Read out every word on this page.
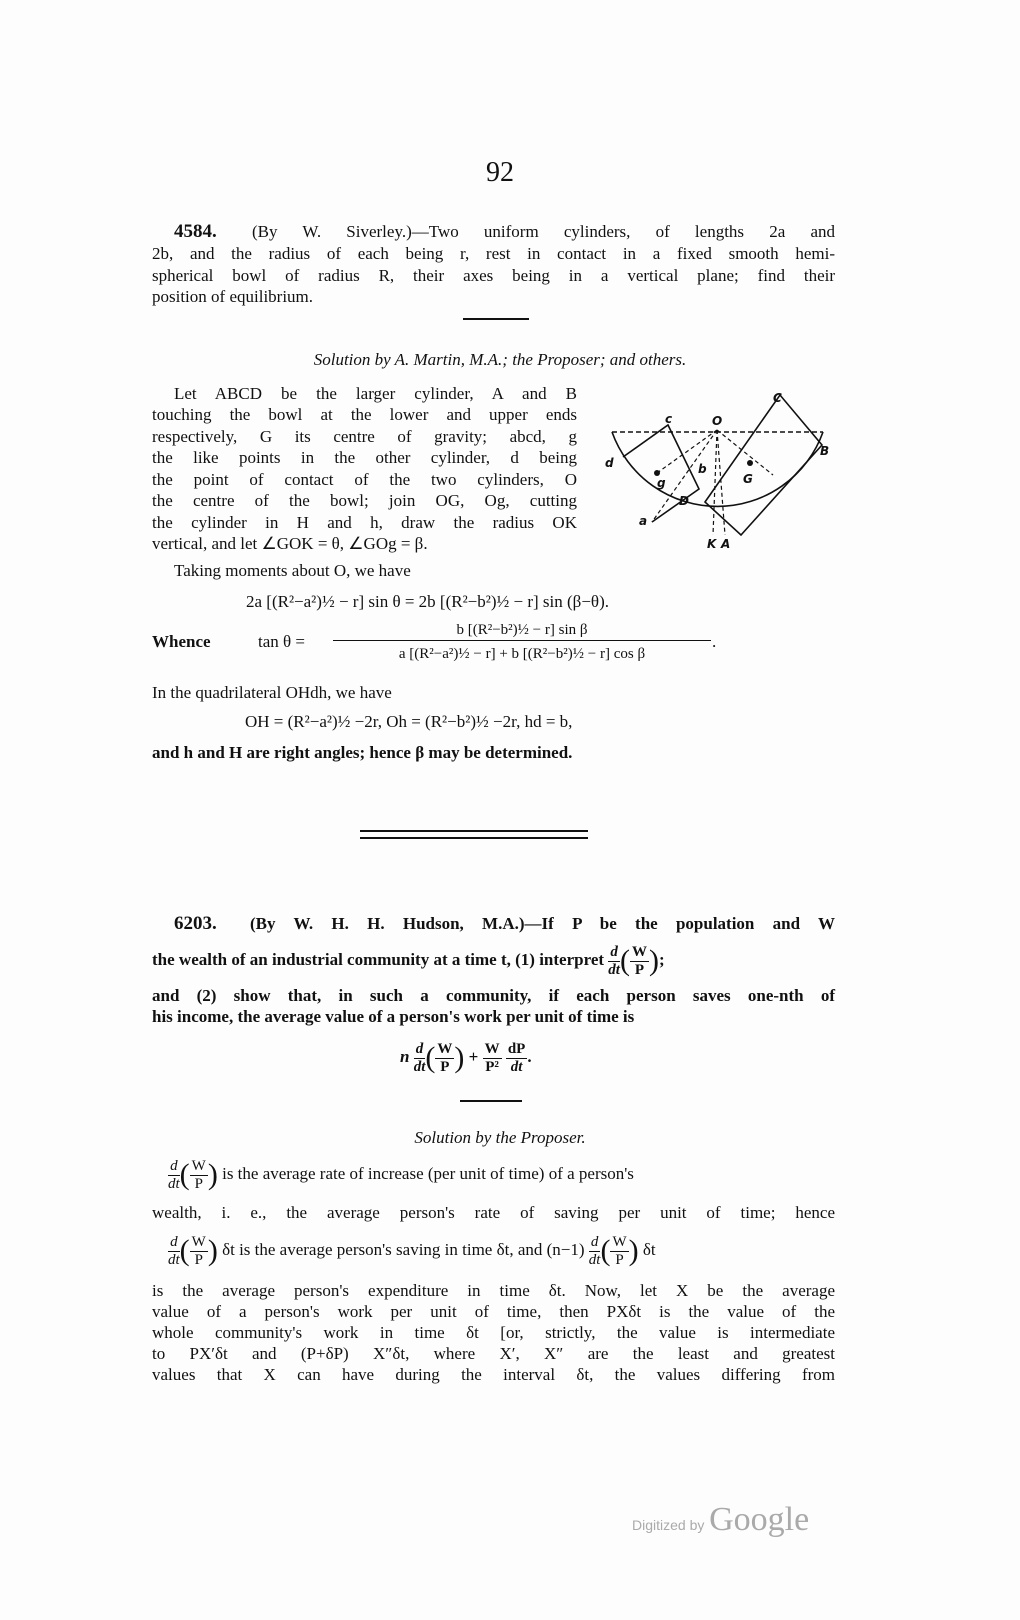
92
4584. (By W. Siverley.)—Two uniform cylinders, of lengths 2a and
2b, and the radius of each being r, rest in contact in a fixed smooth hemi-
spherical bowl of radius R, their axes being in a vertical plane; find their
position of equilibrium.
Solution by A. Martin, M.A.; the Proposer; and others.
Let ABCD be the larger cylinder, A and B
touching the bowl at the lower and upper ends
respectively, G its centre of gravity; abcd, g
the like points in the other cylinder, d being
the point of contact of the two cylinders, O
the centre of the bowl; join OG, Og, cutting
the cylinder in H and h, draw the radius OK
vertical, and let ∠GOK = θ, ∠GOg = β.
C
c	O
d
B
b
g	G
D
a
K A
Taking moments about O, we have
2a [(R²−a²)½ − r] sin θ = 2b [(R²−b²)½ − r] sin (β−θ).
Whence	tan θ =
b [(R²−b²)½ − r] sin β
a [(R²−a²)½ − r] + b [(R²−b²)½ − r] cos β
.
In the quadrilateral OHdh, we have
OH = (R²−a²)½ −2r, Oh = (R²−b²)½ −2r, hd = b,
and h and H are right angles; hence β may be determined.
6203. (By W. H. H. Hudson, M.A.)—If P be the population and W
the wealth of an industrial community at a time t, (1) interpret $\frac{d}{dt}$ ( $\frac{W}{P}$ );
and (2) show that, in such a community, if each person saves one-nth of
his income, the average value of a person's work per unit of time is
n $\frac{d}{dt}$ ( $\frac{W}{P}$ ) + $\frac{W}{\text{P²}}$
$\frac{dP}{dt}$ .
Solution by the Proposer.
$\frac{d}{dt}$ ( $\frac{W}{P}$ ) is the average rate of increase (per unit of time) of a person's
wealth, i. e., the average person's rate of saving per unit of time; hence
$\frac{d}{dt}$ ( $\frac{W}{P}$ ) δt is the average person's saving in time δt, and $(n-1) \frac{d}{dt}$ ( $\frac{W}{P}$ ) δt
is the average person's expenditure in time δt. Now, let X be the average
value of a person's work per unit of time, then PXδt is the value of the
whole community's work in time δt [or, strictly, the value is intermediate
to PX′δt and (P+δP) X″δt, where X′, X″ are the least and greatest
values that X can have during the interval δt, the values differing from
Digitized by Google
